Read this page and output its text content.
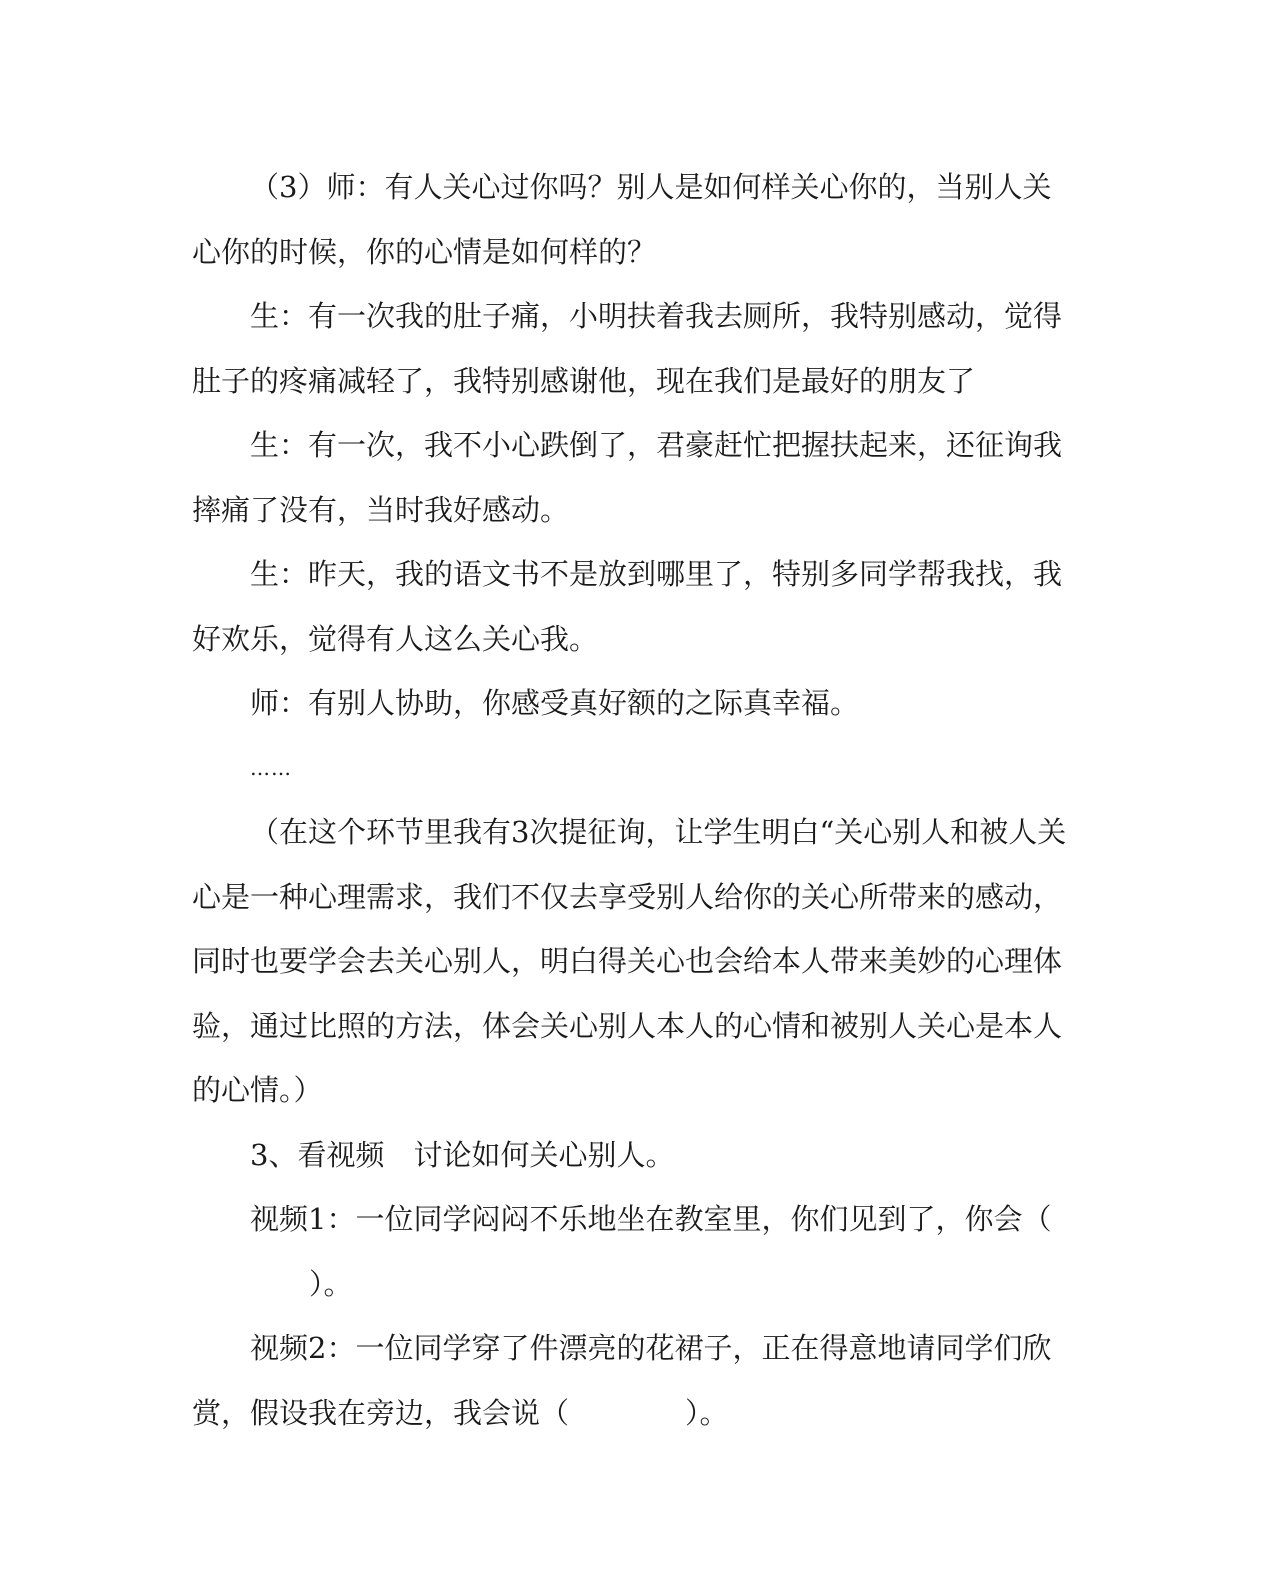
（3）师：有人关心过你吗？别人是如何样关心你的，当别人关
心你的时候，你的心情是如何样的？
生：有一次我的肚子痛，小明扶着我去厕所，我特别感动，觉得
肚子的疼痛减轻了，我特别感谢他，现在我们是最好的朋友了
生：有一次，我不小心跌倒了，君豪赶忙把握扶起来，还征询我
摔痛了没有，当时我好感动。
生：昨天，我的语文书不是放到哪里了，特别多同学帮我找，我
好欢乐，觉得有人这么关心我。
师：有别人协助，你感受真好额的之际真幸福。
……
（在这个环节里我有3次提征询，让学生明白“关心别人和被人关
心是一种心理需求，我们不仅去享受别人给你的关心所带来的感动，
同时也要学会去关心别人，明白得关心也会给本人带来美妙的心理体
验，通过比照的方法，体会关心别人本人的心情和被别人关心是本人
的心情。）
3、看视频　讨论如何关心别人。
视频1：一位同学闷闷不乐地坐在教室里，你们见到了，你会（
　）。
视频2：一位同学穿了件漂亮的花裙子，正在得意地请同学们欣
赏，假设我在旁边，我会说（　　　　）。
